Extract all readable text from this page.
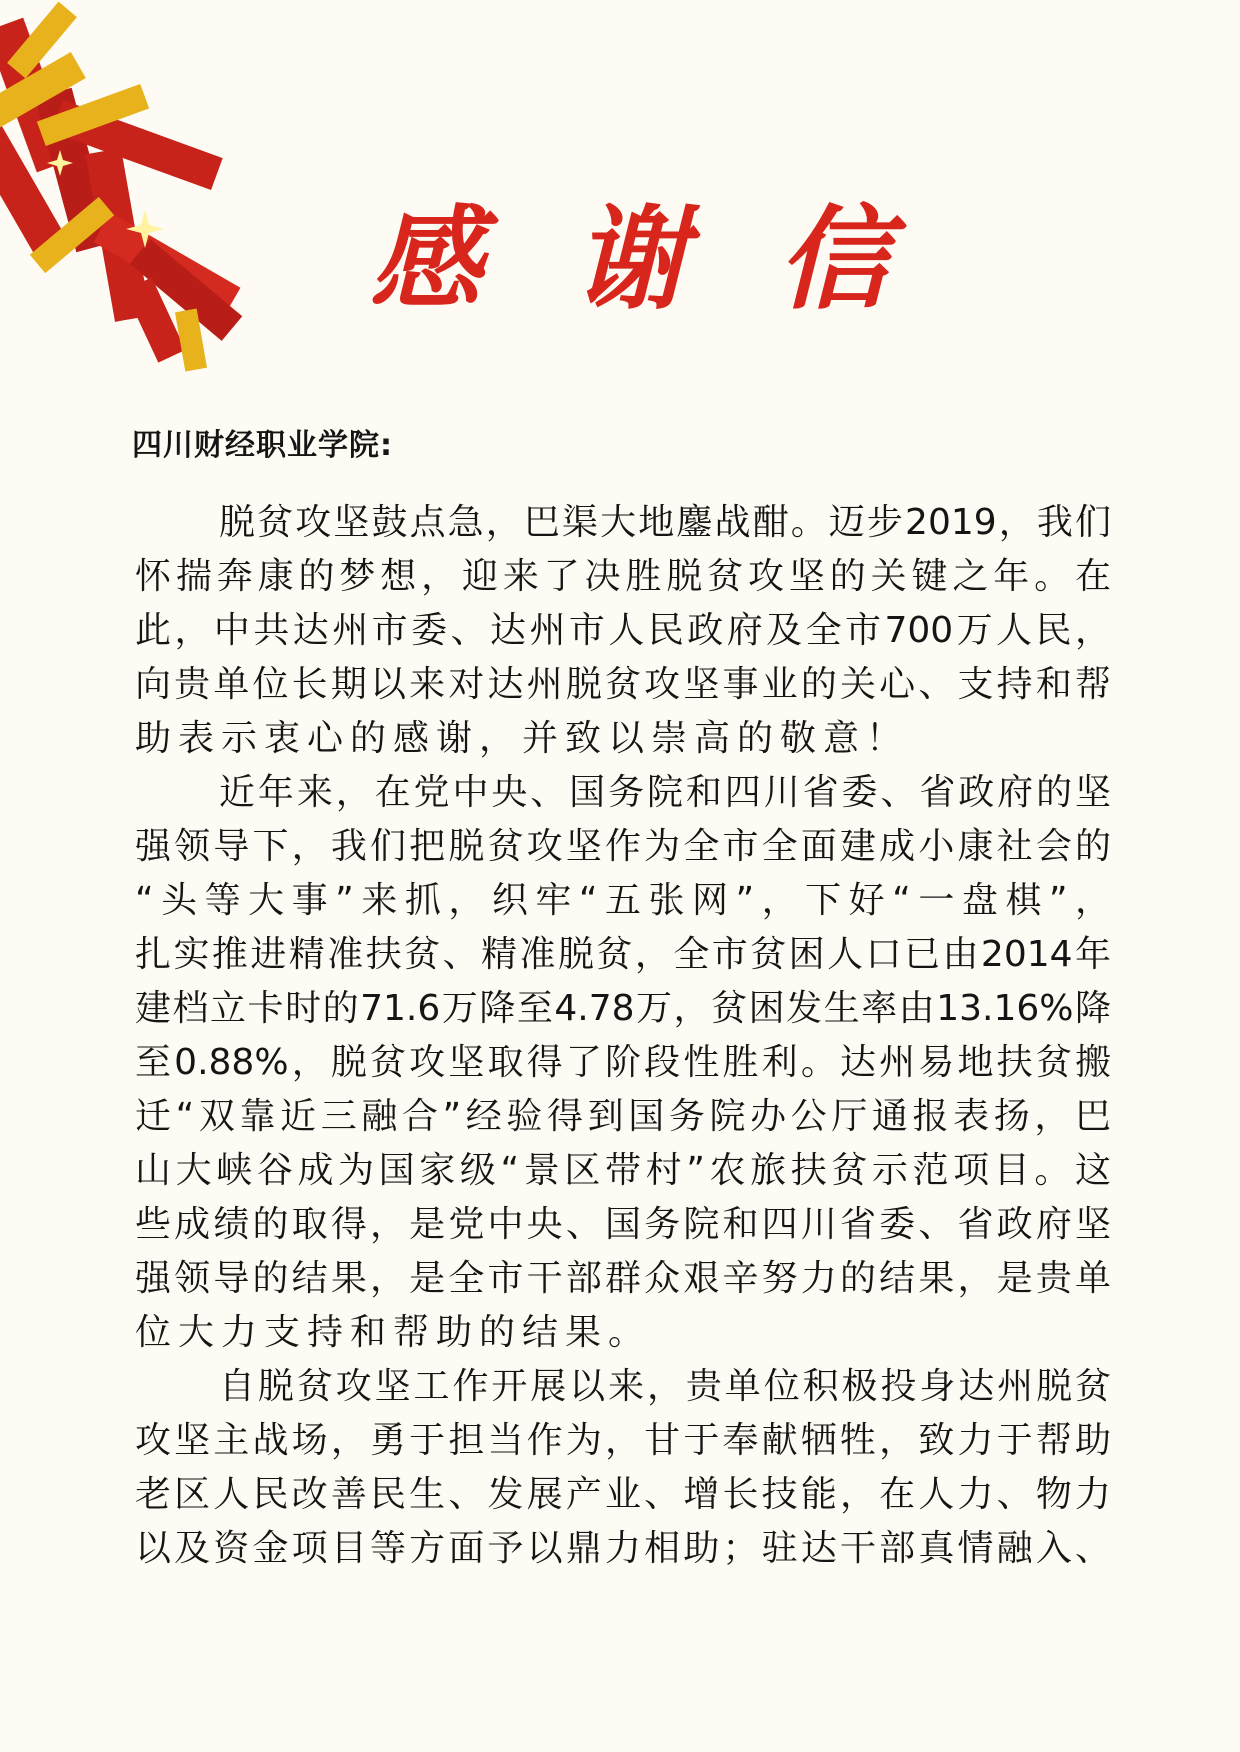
感 谢 信
四川财经职业学院:
脱贫攻坚鼓点急，巴渠大地鏖战酣。迈步2019，我们
怀揣奔康的梦想，迎来了决胜脱贫攻坚的关键之年。在
此，中共达州市委、达州市人民政府及全市700万人民，
向贵单位长期以来对达州脱贫攻坚事业的关心、支持和帮
助表示衷心的感谢，并致以崇高的敬意！
近年来，在党中央、国务院和四川省委、省政府的坚
强领导下，我们把脱贫攻坚作为全市全面建成小康社会的
“头等大事”来抓，织牢“五张网”，下好“一盘棋”，
扎实推进精准扶贫、精准脱贫，全市贫困人口已由2014年
建档立卡时的71.6万降至4.78万，贫困发生率由13.16%降
至0.88%，脱贫攻坚取得了阶段性胜利。达州易地扶贫搬
迁“双靠近三融合”经验得到国务院办公厅通报表扬，巴
山大峡谷成为国家级“景区带村”农旅扶贫示范项目。这
些成绩的取得，是党中央、国务院和四川省委、省政府坚
强领导的结果，是全市干部群众艰辛努力的结果，是贵单
位大力支持和帮助的结果。
自脱贫攻坚工作开展以来，贵单位积极投身达州脱贫
攻坚主战场，勇于担当作为，甘于奉献牺牲，致力于帮助
老区人民改善民生、发展产业、增长技能，在人力、物力
以及资金项目等方面予以鼎力相助；驻达干部真情融入、
